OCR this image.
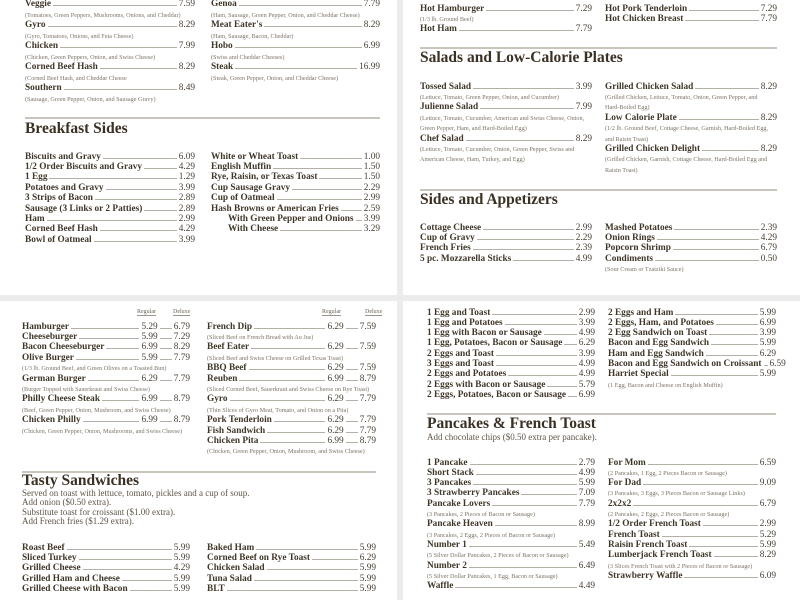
Veggie	7.59
(Tomatoes, Green Peppers, Mushrooms, Onions, and Cheddar)
Gyro	8.29
(Gyro, Tomatoes, Onions, and Feta Cheese)
Chicken	7.99
(Chicken, Green Peppers, Onion, and Swiss Cheese)
Corned Beef Hash	8.29
(Corned Beef Hash, and Cheddar Cheese
Southern	8.49
(Sausage, Green Pepper, Onion, and Sausage Gravy)
Genoa	7.79
(Ham, Sausage, Green Pepper, Onion, and Cheddar Cheese)
Meat Eater's	8.29
(Ham, Sausage, Bacon, Cheddar)
Hobo	6.99
(Swiss and Cheddar Cheeses)
Steak	16.99
(Steak, Green Pepper, Onion, and Cheddar Cheese)
Breakfast Sides
Biscuits and Gravy	6.09
1/2 Order Biscuits and Gravy	4.29
1 Egg	1.29
Potatoes and Gravy	3.99
3 Strips of Bacon	2.89
Sausage (3 Links or 2 Patties)	2.89
Ham	2.99
Corned Beef Hash	4.29
Bowl of Oatmeal	3.99
White or Wheat Toast	1.00
English Muffin	1.50
Rye, Raisin, or Texas Toast	1.50
Cup Sausage Gravy	2.29
Cup of Oatmeal	2.99
Hash Browns or American Fries	2.59
With Green Pepper and Onions 3.99
With Cheese	3.29
Hot Hamburger	7.29
(1/3 lb. Ground Beef)
Hot Ham	7.79
Hot Pork Tenderloin	7.29
Hot Chicken Breast	7.79
Salads and Low-Calorie Plates
Tossed Salad	3.99
(Lettuce, Tomato, Green Pepper, Onion, and Cucumber)
Julienne Salad	7.99
(Lettuce, Tomato, Cucumber, American and Swiss Cheese, Onion,
Green Pepper, Ham, and Hard-Boiled Egg)
Chef Salad	8.29
(Lettuce, Tomato, Cucumber, Onion, Green Pepper, Swiss and
American Cheese, Ham, Turkey, and Egg)
Grilled Chicken Salad	8.29
(Grilled Chicken, Lettuce, Tomato, Onion, Green Pepper, and
Hard-Boiled Egg)
Low Calorie Plate	8.29
(1/2 lb. Ground Beef, Cottage Cheese, Garnish, Hard-Boiled Egg,
and Raisin Toast)
Grilled Chicken Delight	8.29
(Grilled Chicken, Garnish, Cottage Cheese, Hard-Boiled Egg and
Raisin Toast)
Sides and Appetizers
Cottage Cheese	2.99
Cup of Gravy	2.29
French Fries	2.39
5 pc. Mozzarella Sticks	4.99
Mashed Potatoes	2.39
Onion Rings	4.29
Popcorn Shrimp	6.79
Condiments	0.50
(Sour Cream or Tzatziki Sauce)
Regular	Deluxe	Regular	Deluxe
Hamburger	5.29 6.79
Cheeseburger	5.99 7.29
Bacon Cheeseburger	6.99 8.29
Olive Burger	5.99 7.79
(1/3 lb. Ground Beef, and Green Olives on a Toasted Bun)
German Burger	6.29 7.79
(Burger Topped with Sauerkraut and Swiss Cheese)
Philly Cheese Steak	6.99 8.79
(Beef, Green Pepper, Onion, Mushroom, and Swiss Cheese)
Chicken Philly	6.99 8.79
(Chicken, Green Pepper, Onion, Mushrooms, and Swiss Cheese)
French Dip	6.29 7.59
(Sliced Beef on French Bread with Au Jus)
Beef Eater	6.29 7.59
(Sliced Beef and Swiss Cheese on Grilled Texas Toast)
BBQ Beef	6.29 7.59
Reuben	6.99 8.79
(Sliced Corned Beef, Sauerkraut and Swiss Cheese on Rye Toast)
Gyro	6.29 7.79
(Thin Slices of Gyro Meat, Tomato, and Onion on a Pita)
Pork Tenderloin	6.29 7.79
Fish Sandwich	6.29 7.79
Chicken Pita	6.99 8.79
(Chicken, Green Pepper, Onion, Mushroom, and Swiss Cheese)
Tasty Sandwiches
Served on toast with lettuce, tomato, pickles and a cup of soup.
Add onion ($0.50 extra).
Substitute toast for croissant ($1.00 extra).
Add French fries ($1.29 extra).
Roast Beef	5.99
Sliced Turkey	5.99
Grilled Cheese	4.29
Grilled Ham and Cheese	5.99
Grilled Cheese with Bacon	5.99
Baked Ham	5.99
Corned Beef on Rye Toast	6.29
Chicken Salad	5.99
Tuna Salad	5.99
BLT	5.99
1 Egg and Toast	2.99
1 Egg and Potatoes	3.99
1 Egg with Bacon or Sausage	4.99
1 Egg, Potatoes, Bacon or Sausage 6.29
2 Eggs and Toast	3.99
3 Eggs and Toast	4.99
2 Eggs and Potatoes	4.99
2 Eggs with Bacon or Sausage	5.79
2 Eggs, Potatoes, Bacon or Sausage 6.99
2 Eggs and Ham	5.99
2 Eggs, Ham, and Potatoes	6.99
2 Egg Sandwich on Toast	3.99
Bacon and Egg Sandwich	5.99
Ham and Egg Sandwich	6.29
Bacon and Egg Sandwich on Croissant 6.59
Harriet Special	5.99
(1 Egg, Bacon and Cheese on English Muffin)
Pancakes & French Toast
Add chocolate chips ($0.50 extra per pancake).
1 Pancake	2.79
Short Stack	4.99
3 Pancakes	5.99
3 Strawberry Pancakes	7.09
Pancake Lovers	7.79
(3 Pancakes, 2 Pieces of Bacon or Sausage)
Pancake Heaven	8.99
(3 Pancakes, 2 Eggs, 2 Pieces of Bacon or Sausage)
Number 1	5.49
(5 Silver Dollar Pancakes, 2 Pieces of Bacon or Sausage)
Number 2	6.49
(5 Silver Dollar Pancakes, 1 Egg, Bacon or Sausage)
Waffle	4.49
For Mom	6.59
(2 Pancakes, 1 Egg, 2 Pieces Bacon or Sausage)
For Dad	9.09
(3 Pancakes, 3 Eggs, 3 Pieces Bacon or Sausage Links)
2x2x2	6.79
(2 Pancakes, 2 Eggs, 2 Pieces Bacon or Sausage)
1/2 Order French Toast	2.99
French Toast	5.29
Raisin French Toast	5.99
Lumberjack French Toast	8.29
(3 Slices French Toast with 2 Pieces of Bacon or Sausage)
Strawberry Waffle	6.09
